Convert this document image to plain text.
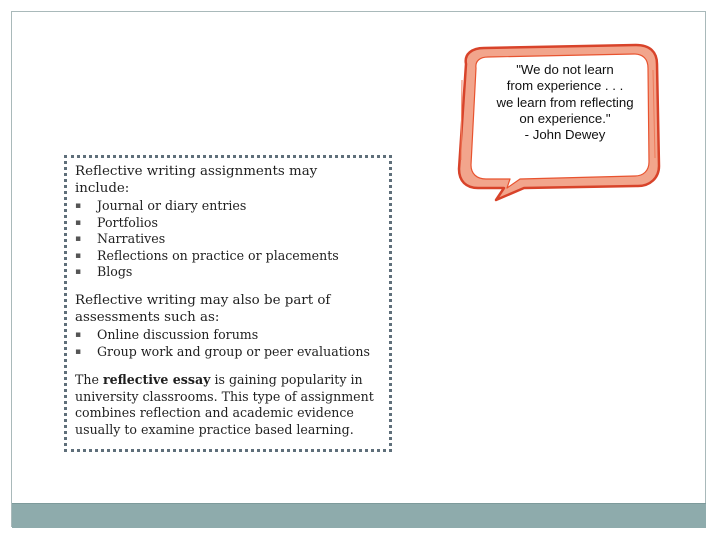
Reflective writing assignments may
include:
▪ Journal or diary entries
▪ Portfolios
▪ Narratives
▪ Reflections on practice or placements
▪ Blogs
Reflective writing may also be part of
assessments such as:
▪ Online discussion forums
▪ Group work and group or peer evaluations
The reflective essay is gaining popularity in
university classrooms. This type of assignment
combines reflection and academic evidence
usually to examine practice based learning.
"We do not learn
from experience . . .
we learn from reflecting
on experience."
- John Dewey
